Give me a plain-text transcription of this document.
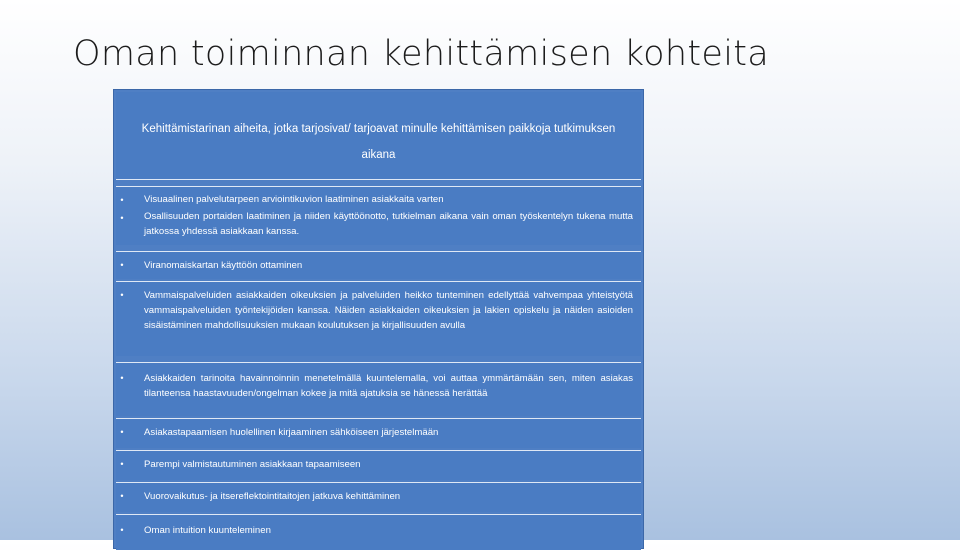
Oman toiminnan kehittämisen kohteita
Kehittämistarinan aiheita, jotka tarjosivat/ tarjoavat minulle kehittämisen paikkoja tutkimuksen aikana
•	Visuaalinen palvelutarpeen arviointikuvion laatiminen asiakkaita varten
•	Osallisuuden portaiden laatiminen ja niiden käyttöönotto, tutkielman aikana vain oman työskentelyn tukena mutta jatkossa yhdessä asiakkaan kanssa.
•	Viranomaiskartan käyttöön ottaminen
•	Vammaispalveluiden asiakkaiden oikeuksien ja palveluiden heikko tunteminen edellyttää vahvempaa yhteistyötä vammaispalveluiden työntekijöiden kanssa. Näiden asiakkaiden oikeuksien ja lakien opiskelu ja näiden asioiden sisäistäminen mahdollisuuksien mukaan koulutuksen ja kirjallisuuden avulla
•	Asiakkaiden tarinoita havainnoinnin menetelmällä kuuntelemalla, voi auttaa ymmärtämään sen, miten asiakas tilanteensa haastavuuden/ongelman kokee ja mitä ajatuksia se hänessä herättää
•	Asiakastapaamisen huolellinen kirjaaminen sähköiseen järjestelmään
•	Parempi valmistautuminen asiakkaan tapaamiseen
•	Vuorovaikutus- ja itsereflektointitaitojen jatkuva kehittäminen
•	Oman intuition kuunteleminen
